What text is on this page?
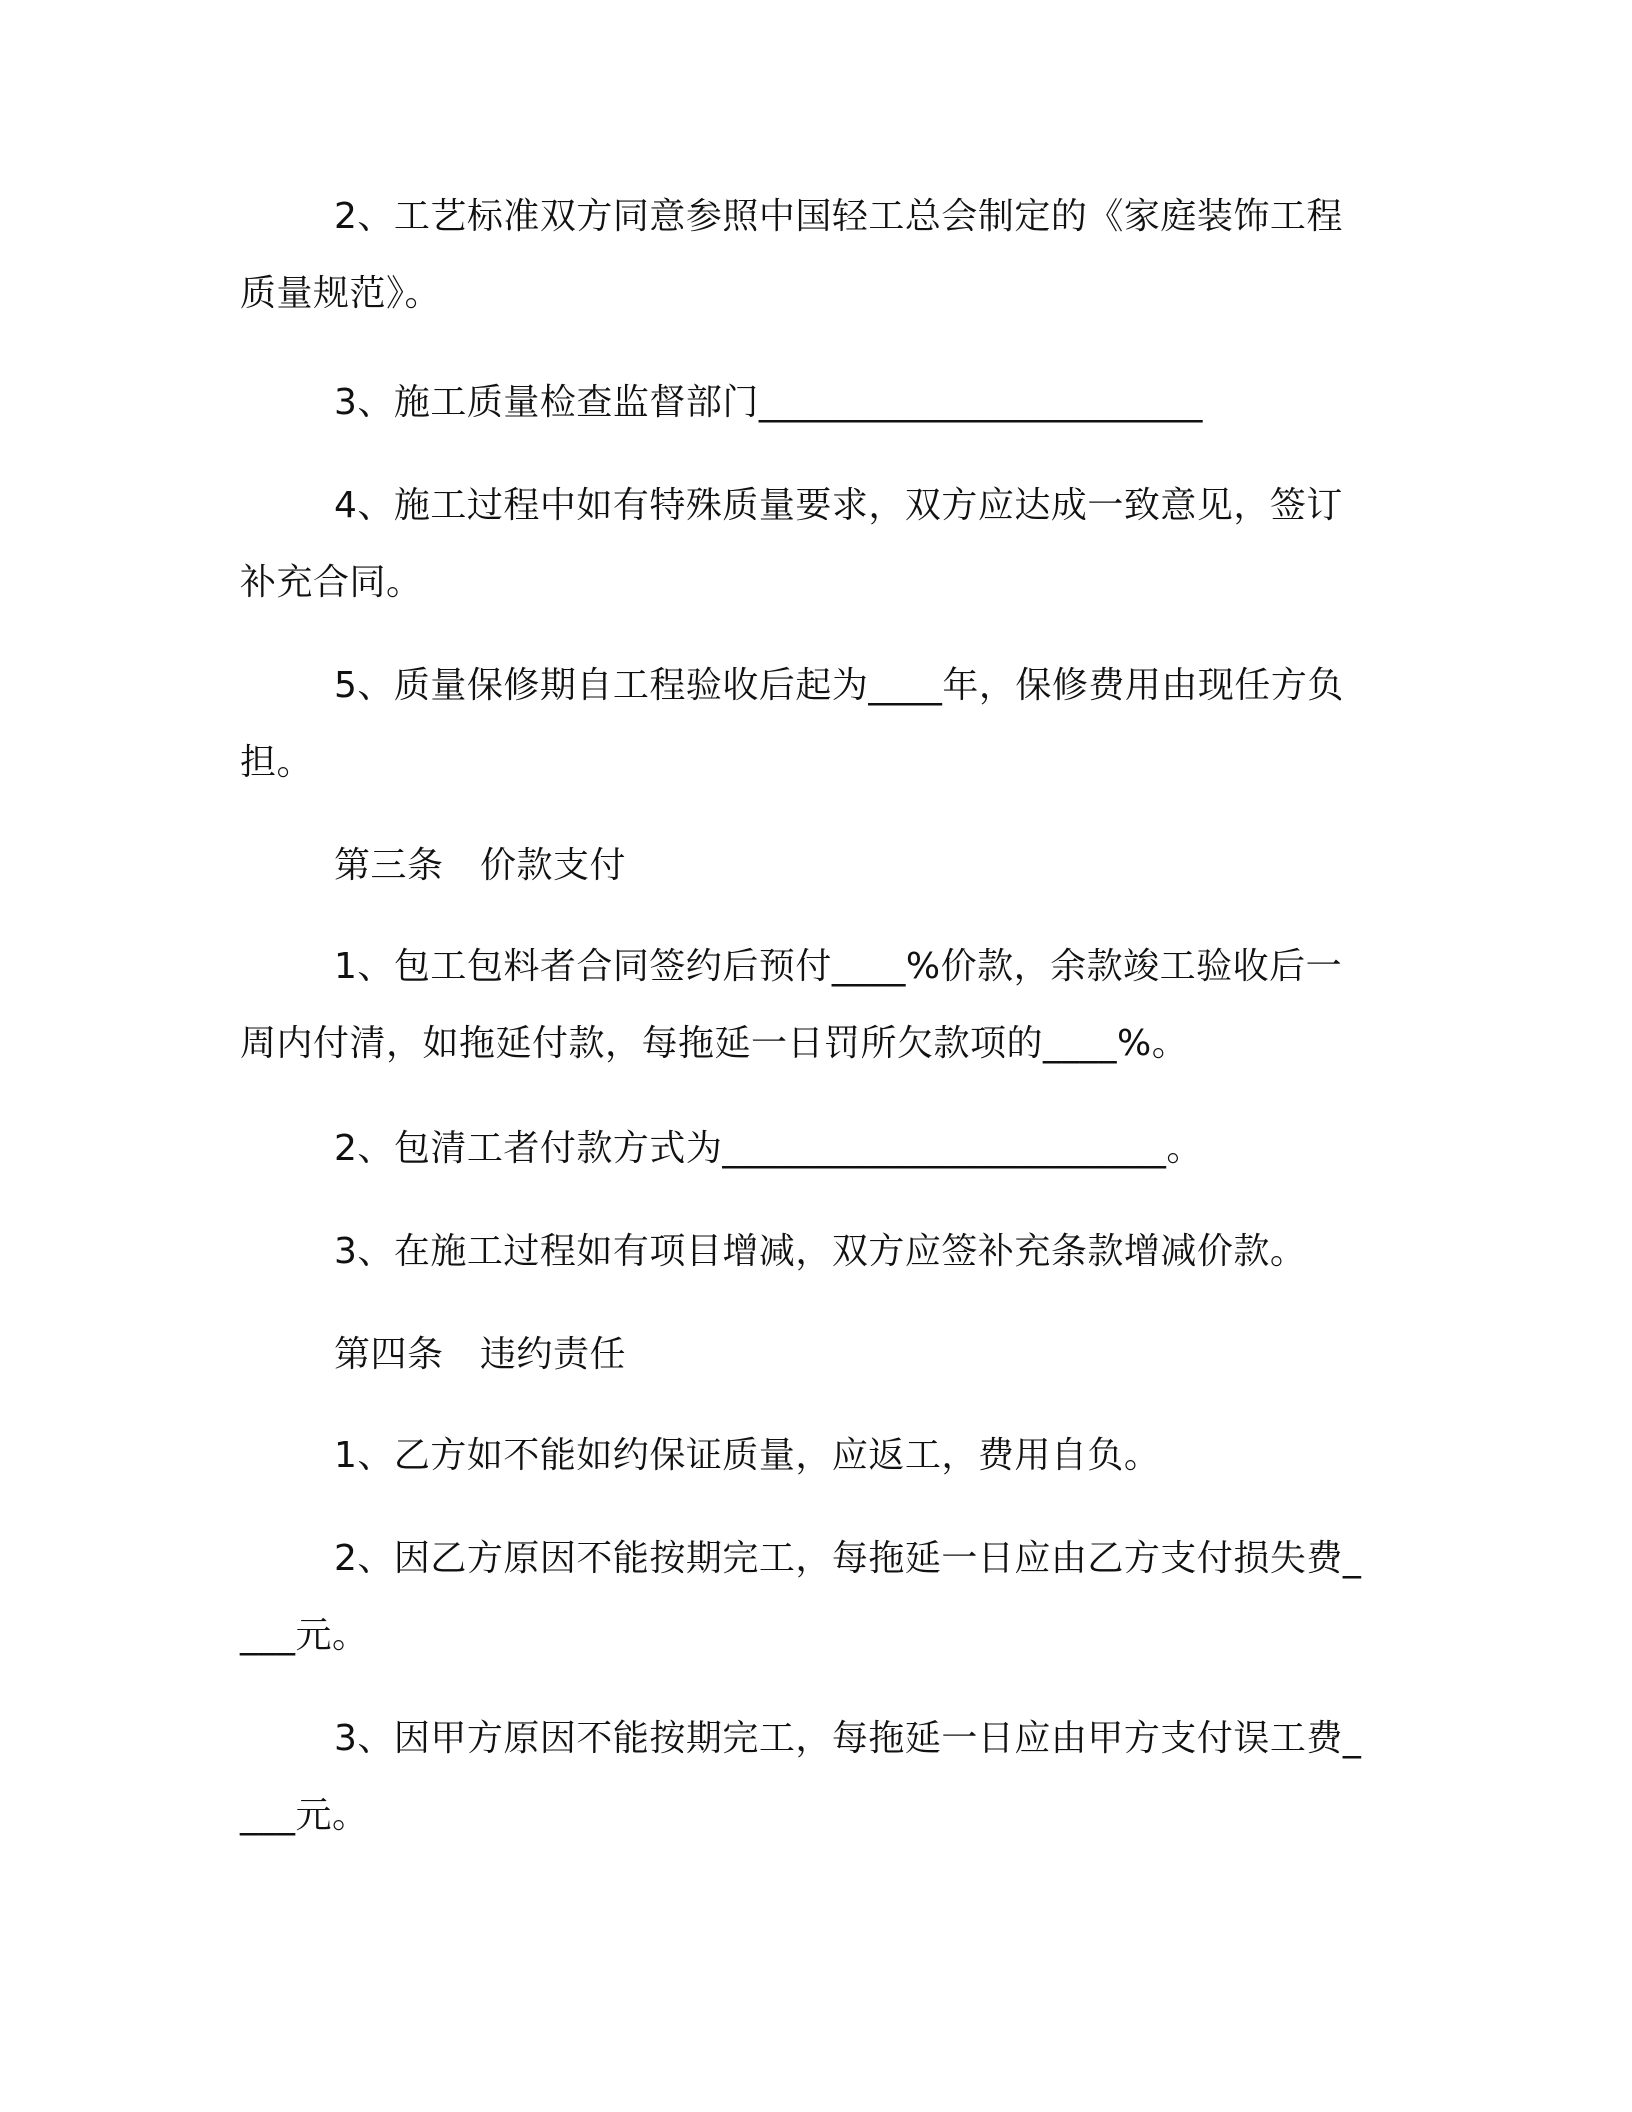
2、工艺标准双方同意参照中国轻工总会制定的《家庭装饰工程质量规范》。

3、施工质量检查监督部门________________________

4、施工过程中如有特殊质量要求，双方应达成一致意见，签订补充合同。

5、质量保修期自工程验收后起为____年，保修费用由现任方负担。

第三条　价款支付

1、包工包料者合同签约后预付____%价款，余款竣工验收后一周内付清，如拖延付款，每拖延一日罚所欠款项的____%。

2、包清工者付款方式为________________________。

3、在施工过程如有项目增减，双方应签补充条款增减价款。

第四条　违约责任

1、乙方如不能如约保证质量，应返工，费用自负。

2、因乙方原因不能按期完工，每拖延一日应由乙方支付损失费____元。

3、因甲方原因不能按期完工，每拖延一日应由甲方支付误工费____元。
